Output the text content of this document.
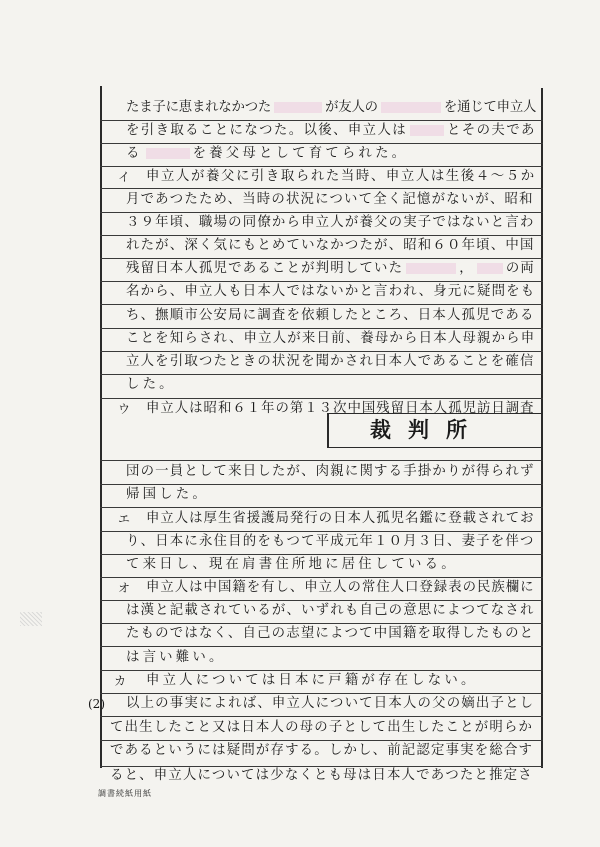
たま子に恵まれなかつた	が友人の	を通じて申立人
を引き取ることになつた。以後、申立人は	とその夫であ
る	を養父母として育てられた。
イ 申立人が養父に引き取られた当時、申立人は生後４～５か
月であつたため、当時の状況について全く記憶がないが、昭和
３９年頃、職場の同僚から申立人が養父の実子ではないと言わ
れたが、深く気にもとめていなかつたが、昭和６０年頃、中国
残留日本人孤児であることが判明していた	， の両
名から、申立人も日本人ではないかと言われ、身元に疑問をも
ち、撫順市公安局に調査を依頼したところ、日本人孤児である
ことを知らされ、申立人が来日前、養母から日本人母親から申
立人を引取つたときの状況を聞かされ日本人であることを確信
した。
ウ 申立人は昭和６１年の第１３次中国残留日本人孤児訪日調査
裁判所
団の一員として来日したが、肉親に関する手掛かりが得られず
帰国した。
エ 申立人は厚生省援護局発行の日本人孤児名鑑に登載されてお
り、日本に永住目的をもつて平成元年１０月３日、妻子を伴つ
て来日し、現在肩書住所地に居住している。
オ 申立人は中国籍を有し、申立人の常住人口登録表の民族欄に
は漢と記載されているが、いずれも自己の意思によつてなされ
たものではなく、自己の志望によつて中国籍を取得したものと
は言い難い。
カ 申立人については日本に戸籍が存在しない。
(2) 以上の事実によれば、申立人について日本人の父の嫡出子とし
て出生したこと又は日本人の母の子として出生したことが明らか
であるというには疑問が存する。しかし、前記認定事実を総合す
ると、申立人については少なくとも母は日本人であつたと推定さ
調書続紙用紙
